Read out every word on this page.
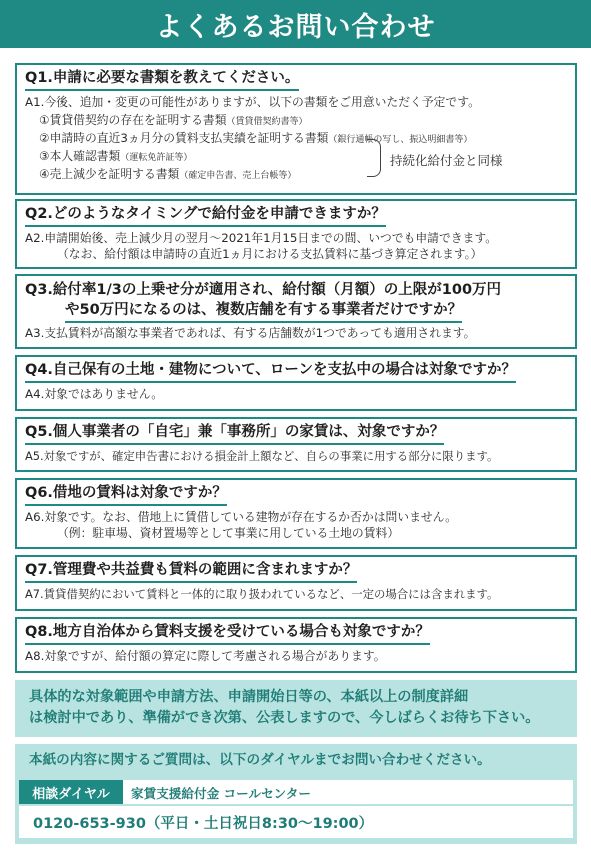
よくあるお問い合わせ
Q1.申請に必要な書類を教えてください。
A1.今後、追加・変更の可能性がありますが、以下の書類をご用意いただく予定です。
①賃貸借契約の存在を証明する書類（賃貸借契約書等）
②申請時の直近3ヵ月分の賃料支払実績を証明する書類（銀行通帳の写し、振込明細書等）
③本人確認書類（運転免許証等）
④売上減少を証明する書類（確定申告書、売上台帳等）
持続化給付金と同様
Q2.どのようなタイミングで給付金を申請できますか？
A2.申請開始後、売上減少月の翌月～2021年1月15日までの間、いつでも申請できます。
（なお、給付額は申請時の直近1ヵ月における支払賃料に基づき算定されます。）
Q3.給付率1/3の上乗せ分が適用され、給付額（月額）の上限が100万円
や50万円になるのは、複数店舗を有する事業者だけですか？
A3.支払賃料が高額な事業者であれば、有する店舗数が1つであっても適用されます。
Q4.自己保有の土地・建物について、ローンを支払中の場合は対象ですか？
A4.対象ではありません。
Q5.個人事業者の「自宅」兼「事務所」の家賃は、対象ですか？
A5.対象ですが、確定申告書における損金計上額など、自らの事業に用する部分に限ります。
Q6.借地の賃料は対象ですか？
A6.対象です。なお、借地上に賃借している建物が存在するか否かは問いません。
（例：駐車場、資材置場等として事業に用している土地の賃料）
Q7.管理費や共益費も賃料の範囲に含まれますか？
A7.賃貸借契約において賃料と一体的に取り扱われているなど、一定の場合には含まれます。
Q8.地方自治体から賃料支援を受けている場合も対象ですか？
A8.対象ですが、給付額の算定に際して考慮される場合があります。
具体的な対象範囲や申請方法、申請開始日等の、本紙以上の制度詳細
は検討中であり、準備ができ次第、公表しますので、今しばらくお待ち下さい。
本紙の内容に関するご質問は、以下のダイヤルまでお問い合わせください。
相談ダイヤル	家賃支援給付金 コールセンター
0120-653-930（平日・土日祝日8:30～19:00）
